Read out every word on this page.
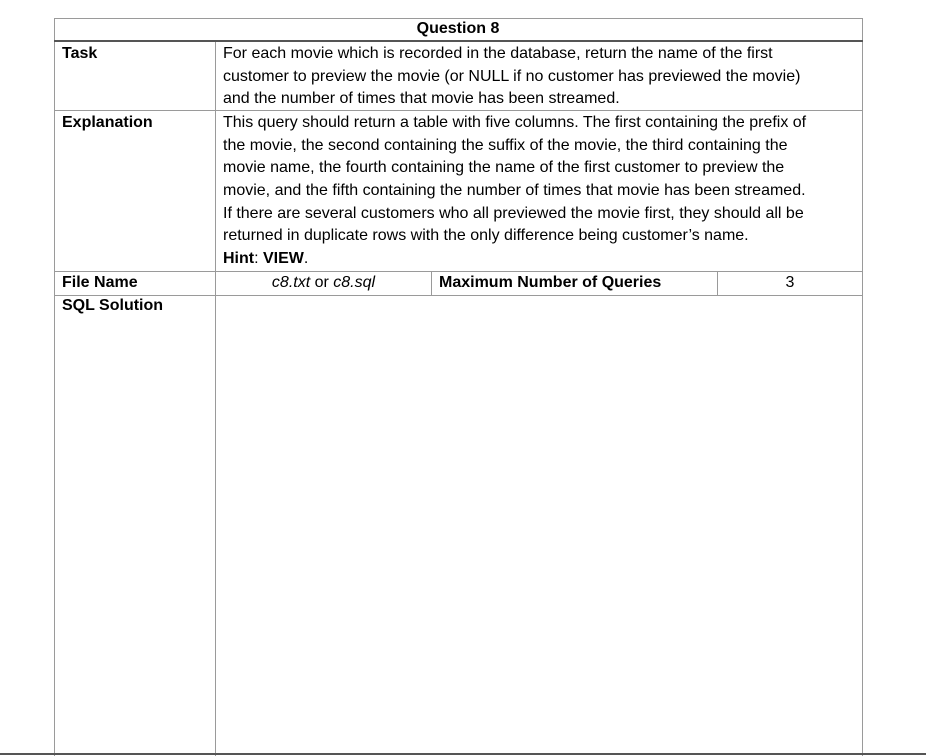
Question 8
Task	For each movie which is recorded in the database, return the name of the first
customer to preview the movie (or NULL if no customer has previewed the movie)
and the number of times that movie has been streamed.
Explanation	This query should return a table with five columns. The first containing the prefix of
the movie, the second containing the suffix of the movie, the third containing the
movie name, the fourth containing the name of the first customer to preview the
movie, and the fifth containing the number of times that movie has been streamed.
If there are several customers who all previewed the movie first, they should all be
returned in duplicate rows with the only difference being customer’s name.
Hint: VIEW.
File Name	c8.txt or c8.sql	Maximum Number of Queries	3
SQL Solution
